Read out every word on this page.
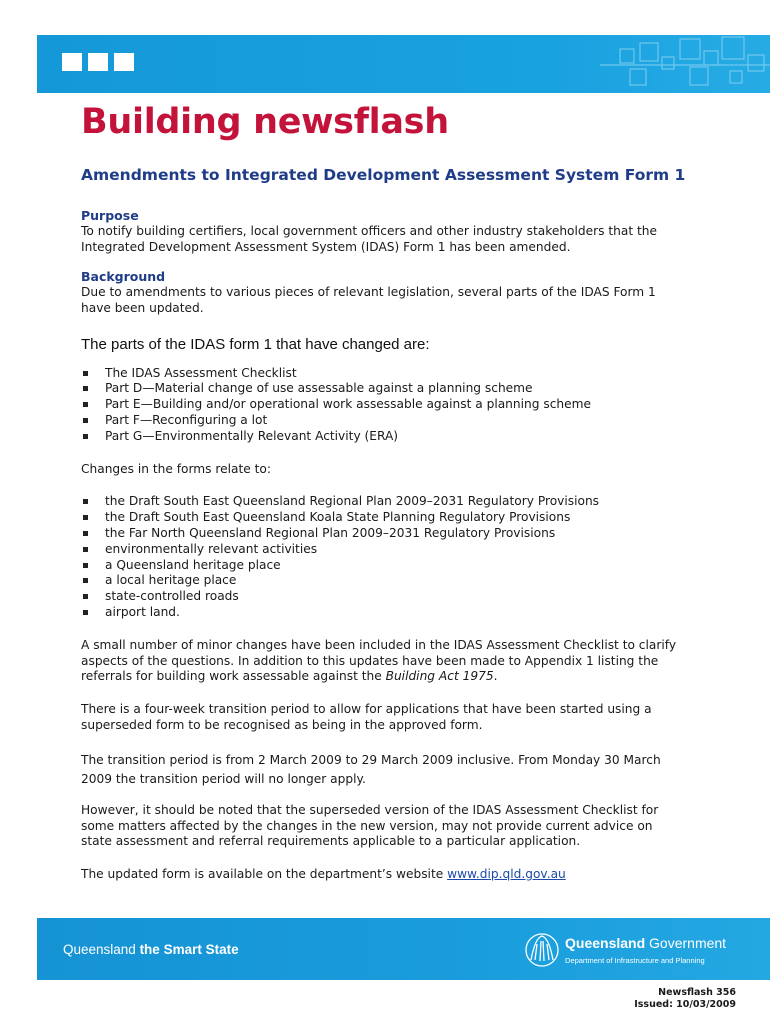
Building newsflash
Amendments to Integrated Development Assessment System Form 1

Purpose

To notify building certifiers, local government officers and other industry stakeholders that the Integrated Development Assessment System (IDAS) Form 1 has been amended.

Background

Due to amendments to various pieces of relevant legislation, several parts of the IDAS Form 1 have been updated.

The parts of the IDAS form 1 that have changed are:

The IDAS Assessment Checklist
Part D—Material change of use assessable against a planning scheme
Part E—Building and/or operational work assessable against a planning scheme
Part F—Reconfiguring a lot
Part G—Environmentally Relevant Activity (ERA)

Changes in the forms relate to:

the Draft South East Queensland Regional Plan 2009–2031 Regulatory Provisions
the Draft South East Queensland Koala State Planning Regulatory Provisions
the Far North Queensland Regional Plan 2009–2031 Regulatory Provisions
environmentally relevant activities
a Queensland heritage place
a local heritage place
state-controlled roads
airport land.

A small number of minor changes have been included in the IDAS Assessment Checklist to clarify aspects of the questions. In addition to this updates have been made to Appendix 1 listing the referrals for building work assessable against the Building Act 1975.

There is a four-week transition period to allow for applications that have been started using a superseded form to be recognised as being in the approved form.

The transition period is from 2 March 2009 to 29 March 2009 inclusive. From Monday 30 March 2009 the transition period will no longer apply.

However, it should be noted that the superseded version of the IDAS Assessment Checklist for some matters affected by the changes in the new version, may not provide current advice on state assessment and referral requirements applicable to a particular application.

The updated form is available on the department’s website www.dip.qld.gov.au

Queensland the Smart State	Queensland Government
Department of Infrastructure and Planning
Newsflash 356
Issued: 10/03/2009
